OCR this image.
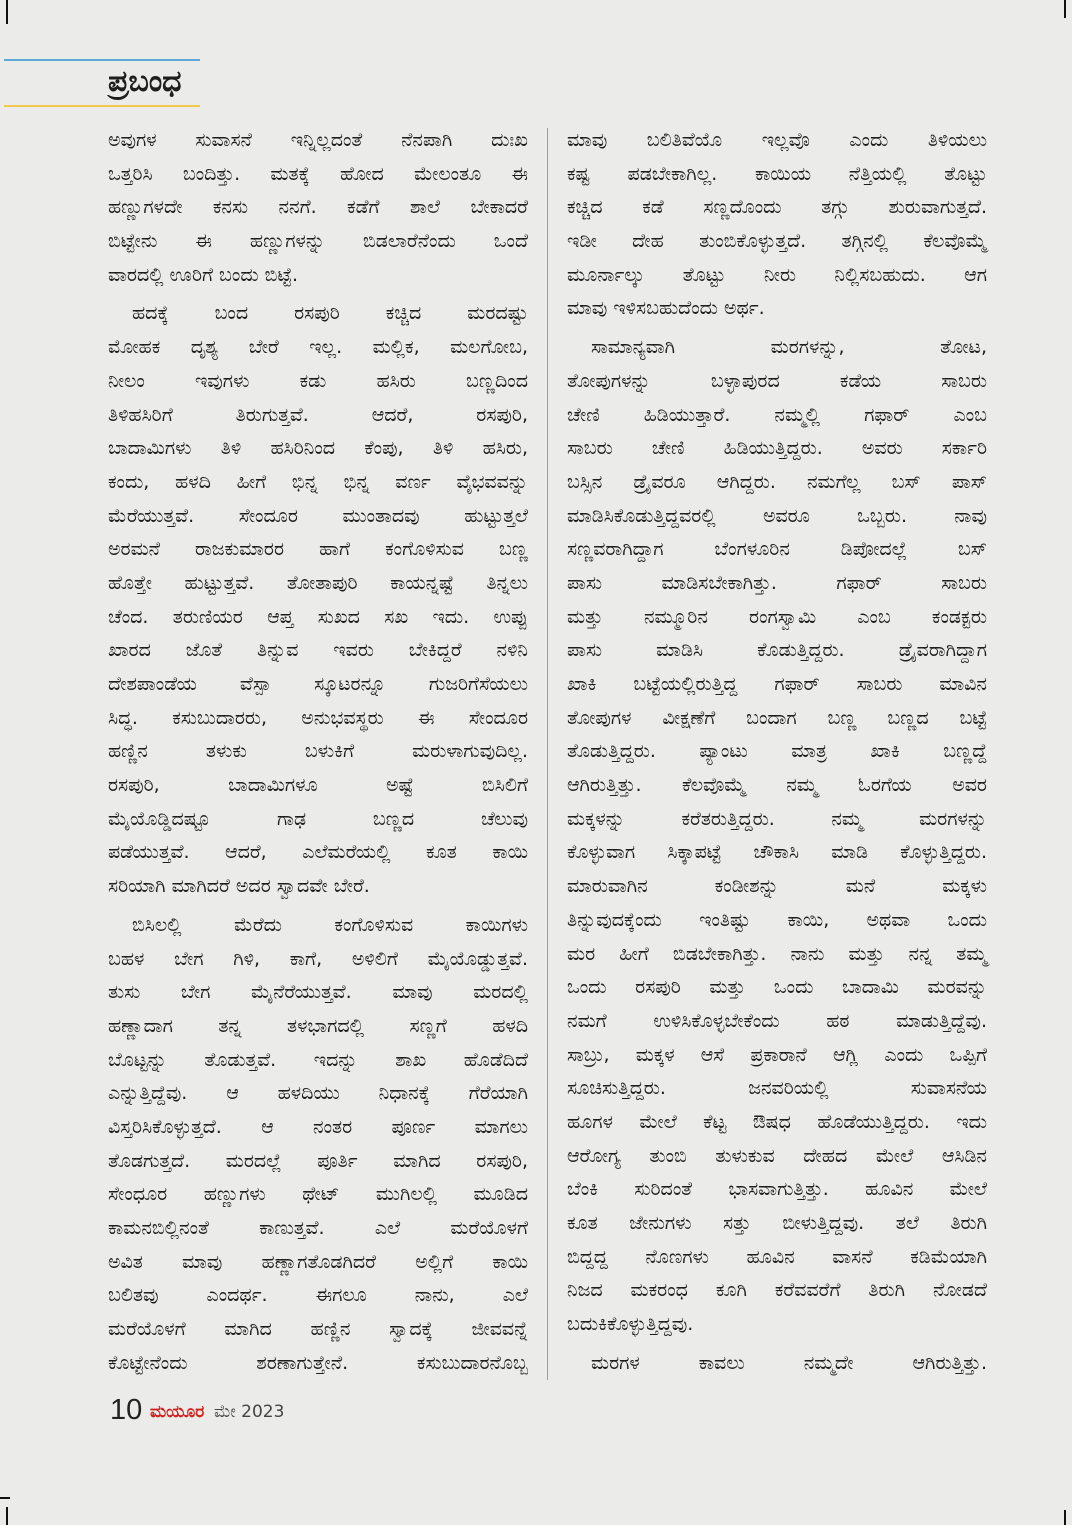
ಪ್ರಬಂಧ
ಅವುಗಳ ಸುವಾಸನೆ ಇನ್ನಿಲ್ಲದಂತೆ ನೆನಪಾಗಿ ದುಃಖ
ಒತ್ತರಿಸಿ ಬಂದಿತ್ತು. ಮತಕ್ಕೆ ಹೋದ ಮೇಲಂತೂ ಈ
ಹಣ್ಣುಗಳದೇ ಕನಸು ನನಗೆ. ಕಡೆಗೆ ಶಾಲೆ ಬೇಕಾದರೆ
ಬಿಟ್ಟೇನು ಈ ಹಣ್ಣುಗಳನ್ನು ಬಿಡಲಾರೆನೆಂದು ಒಂದೆ
ವಾರದಲ್ಲಿ ಊರಿಗೆ ಬಂದು ಬಿಟ್ಟೆ.
ಹದಕ್ಕೆ ಬಂದ ರಸಪುರಿ ಕಚ್ಚಿದ ಮರದಷ್ಟು
ಮೋಹಕ ದೃಶ್ಯ ಬೇರೆ ಇಲ್ಲ. ಮಲ್ಲಿಕ, ಮಲಗೋಬ,
ನೀಲಂ ಇವುಗಳು ಕಡು ಹಸಿರು ಬಣ್ಣದಿಂದ
ತಿಳಿಹಸಿರಿಗೆ ತಿರುಗುತ್ತವೆ. ಆದರೆ, ರಸಪುರಿ,
ಬಾದಾಮಿಗಳು ತಿಳಿ ಹಸಿರಿನಿಂದ ಕೆಂಪು, ತಿಳಿ ಹಸಿರು,
ಕಂದು, ಹಳದಿ ಹೀಗೆ ಭಿನ್ನ ಭಿನ್ನ ವರ್ಣ ವೈಭವವನ್ನು
ಮೆರೆಯುತ್ತವೆ. ಸೇಂದೂರ ಮುಂತಾದವು ಹುಟ್ಟುತ್ತಲೆ
ಅರಮನೆ ರಾಜಕುಮಾರರ ಹಾಗೆ ಕಂಗೊಳಿಸುವ ಬಣ್ಣ
ಹೊತ್ತೇ ಹುಟ್ಟುತ್ತವೆ. ತೋತಾಪುರಿ ಕಾಯನ್ನಷ್ಟೆ ತಿನ್ನಲು
ಚೆಂದ. ತರುಣಿಯರ ಆಪ್ತ ಸುಖದ ಸಖ ಇದು. ಉಪ್ಪು
ಖಾರದ ಜೊತೆ ತಿನ್ನುವ ಇವರು ಬೇಕಿದ್ದರೆ ನಳಿನಿ
ದೇಶಪಾಂಡೆಯ ವೆಸ್ಪಾ ಸ್ಕೂಟರನ್ನೂ ಗುಜರಿಗೆಸೆಯಲು
ಸಿದ್ಧ. ಕಸುಬುದಾರರು, ಅನುಭವಸ್ಥರು ಈ ಸೇಂದೂರ
ಹಣ್ಣಿನ ತಳುಕು ಬಳುಕಿಗೆ ಮರುಳಾಗುವುದಿಲ್ಲ.
ರಸಪುರಿ, ಬಾದಾಮಿಗಳೂ ಅಷ್ಟೆ ಬಿಸಿಲಿಗೆ
ಮೈಯೊಡ್ಡಿದಷ್ಟೂ ಗಾಢ ಬಣ್ಣದ ಚೆಲುವು
ಪಡೆಯುತ್ತವೆ. ಆದರೆ, ಎಲೆಮರೆಯಲ್ಲಿ ಕೂತ ಕಾಯಿ
ಸರಿಯಾಗಿ ಮಾಗಿದರೆ ಅದರ ಸ್ವಾದವೇ ಬೇರೆ.
ಬಿಸಿಲಲ್ಲಿ ಮೆರೆದು ಕಂಗೊಳಿಸುವ ಕಾಯಿಗಳು
ಬಹಳ ಬೇಗ ಗಿಳಿ, ಕಾಗೆ, ಅಳಿಲಿಗೆ ಮೈಯೊಡ್ಡುತ್ತವೆ.
ತುಸು ಬೇಗ ಮೈನೆರೆಯುತ್ತವೆ. ಮಾವು ಮರದಲ್ಲಿ
ಹಣ್ಣಾದಾಗ ತನ್ನ ತಳಭಾಗದಲ್ಲಿ ಸಣ್ಣಗೆ ಹಳದಿ
ಬೊಟ್ಟನ್ನು ತೊಡುತ್ತವೆ. ಇದನ್ನು ಶಾಖ ಹೊಡೆದಿದೆ
ಎನ್ನುತ್ತಿದ್ದೆವು. ಆ ಹಳದಿಯು ನಿಧಾನಕ್ಕೆ ಗೆರೆಯಾಗಿ
ವಿಸ್ತರಿಸಿಕೊಳ್ಳುತ್ತದೆ. ಆ ನಂತರ ಪೂರ್ಣ ಮಾಗಲು
ತೊಡಗುತ್ತದೆ. ಮರದಲ್ಲೆ ಪೂರ್ತಿ ಮಾಗಿದ ರಸಪುರಿ,
ಸೇಂಧೂರ ಹಣ್ಣುಗಳು ಥೇಟ್ ಮುಗಿಲಲ್ಲಿ ಮೂಡಿದ
ಕಾಮನಬಿಲ್ಲಿನಂತೆ ಕಾಣುತ್ತವೆ. ಎಲೆ ಮರೆಯೊಳಗೆ
ಅವಿತ ಮಾವು ಹಣ್ಣಾಗತೊಡಗಿದರೆ ಅಲ್ಲಿಗೆ ಕಾಯಿ
ಬಲಿತವು ಎಂದರ್ಥ. ಈಗಲೂ ನಾನು, ಎಲೆ
ಮರೆಯೊಳಗೆ ಮಾಗಿದ ಹಣ್ಣಿನ ಸ್ವಾದಕ್ಕೆ ಜೀವವನ್ನೆ
ಕೊಟ್ಟೇನೆಂದು ಶರಣಾಗುತ್ತೇನೆ. ಕಸುಬುದಾರನೊಬ್ಬ
ಮಾವು ಬಲಿತಿವೆಯೊ ಇಲ್ಲವೊ ಎಂದು ತಿಳಿಯಲು
ಕಷ್ಟ ಪಡಬೇಕಾಗಿಲ್ಲ. ಕಾಯಿಯ ನೆತ್ತಿಯಲ್ಲಿ ತೊಟ್ಟು
ಕಚ್ಚಿದ ಕಡೆ ಸಣ್ಣದೊಂದು ತಗ್ಗು ಶುರುವಾಗುತ್ತದೆ.
ಇಡೀ ದೇಹ ತುಂಬಿಕೊಳ್ಳುತ್ತದೆ. ತಗ್ಗಿನಲ್ಲಿ ಕೆಲವೊಮ್ಮೆ
ಮೂರ್ನಾಲ್ಕು ತೊಟ್ಟು ನೀರು ನಿಲ್ಲಿಸಬಹುದು. ಆಗ
ಮಾವು ಇಳಿಸಬಹುದೆಂದು ಅರ್ಥ.
ಸಾಮಾನ್ಯವಾಗಿ ಮರಗಳನ್ನು, ತೋಟ,
ತೋಪುಗಳನ್ನು ಬಳ್ಳಾಪುರದ ಕಡೆಯ ಸಾಬರು
ಚೇಣಿ ಹಿಡಿಯುತ್ತಾರೆ. ನಮ್ಮಲ್ಲಿ ಗಫಾರ್ ಎಂಬ
ಸಾಬರು ಚೇಣಿ ಹಿಡಿಯುತ್ತಿದ್ದರು. ಅವರು ಸರ್ಕಾರಿ
ಬಸ್ಸಿನ ಡ್ರೈವರೂ ಆಗಿದ್ದರು. ನಮಗೆಲ್ಲ ಬಸ್ ಪಾಸ್
ಮಾಡಿಸಿಕೊಡುತ್ತಿದ್ದವರಲ್ಲಿ ಅವರೂ ಒಬ್ಬರು. ನಾವು
ಸಣ್ಣವರಾಗಿದ್ದಾಗ ಬೆಂಗಳೂರಿನ ಡಿಪೋದಲ್ಲೆ ಬಸ್
ಪಾಸು ಮಾಡಿಸಬೇಕಾಗಿತ್ತು. ಗಫಾರ್ ಸಾಬರು
ಮತ್ತು ನಮ್ಮೂರಿನ ರಂಗಸ್ವಾಮಿ ಎಂಬ ಕಂಡಕ್ಟರು
ಪಾಸು ಮಾಡಿಸಿ ಕೊಡುತ್ತಿದ್ದರು. ಡ್ರೈವರಾಗಿದ್ದಾಗ
ಖಾಕಿ ಬಟ್ಟೆಯಲ್ಲಿರುತ್ತಿದ್ದ ಗಫಾರ್ ಸಾಬರು ಮಾವಿನ
ತೋಪುಗಳ ವೀಕ್ಷಣೆಗೆ ಬಂದಾಗ ಬಣ್ಣ ಬಣ್ಣದ ಬಟ್ಟೆ
ತೊಡುತ್ತಿದ್ದರು. ಪ್ಯಾಂಟು ಮಾತ್ರ ಖಾಕಿ ಬಣ್ಣದ್ದೆ
ಆಗಿರುತ್ತಿತ್ತು. ಕೆಲವೊಮ್ಮೆ ನಮ್ಮ ಓರಗೆಯ ಅವರ
ಮಕ್ಕಳನ್ನು ಕರೆತರುತ್ತಿದ್ದರು. ನಮ್ಮ ಮರಗಳನ್ನು
ಕೊಳ್ಳುವಾಗ ಸಿಕ್ಕಾಪಟ್ಟೆ ಚೌಕಾಸಿ ಮಾಡಿ ಕೊಳ್ಳುತ್ತಿದ್ದರು.
ಮಾರುವಾಗಿನ ಕಂಡೀಶನ್ನು ಮನೆ ಮಕ್ಕಳು
ತಿನ್ನುವುದಕ್ಕೆಂದು ಇಂತಿಷ್ಟು ಕಾಯಿ, ಅಥವಾ ಒಂದು
ಮರ ಹೀಗೆ ಬಿಡಬೇಕಾಗಿತ್ತು. ನಾನು ಮತ್ತು ನನ್ನ ತಮ್ಮ
ಒಂದು ರಸಪುರಿ ಮತ್ತು ಒಂದು ಬಾದಾಮಿ ಮರವನ್ನು
ನಮಗೆ ಉಳಿಸಿಕೊಳ್ಳಬೇಕೆಂದು ಹಠ ಮಾಡುತ್ತಿದ್ದೆವು.
ಸಾಬ್ರು, ಮಕ್ಕಳ ಆಸೆ ಪ್ರಕಾರಾನೆ ಆಗ್ಲಿ ಎಂದು ಒಪ್ಪಿಗೆ
ಸೂಚಿಸುತ್ತಿದ್ದರು. ಜನವರಿಯಲ್ಲಿ ಸುವಾಸನೆಯ
ಹೂಗಳ ಮೇಲೆ ಕೆಟ್ಟ ಔಷಧ ಹೊಡೆಯುತ್ತಿದ್ದರು. ಇದು
ಆರೋಗ್ಯ ತುಂಬಿ ತುಳುಕುವ ದೇಹದ ಮೇಲೆ ಆಸಿಡಿನ
ಬೆಂಕಿ ಸುರಿದಂತೆ ಭಾಸವಾಗುತ್ತಿತ್ತು. ಹೂವಿನ ಮೇಲೆ
ಕೂತ ಜೇನುಗಳು ಸತ್ತು ಬೀಳುತ್ತಿದ್ದವು. ತಲೆ ತಿರುಗಿ
ಬಿದ್ದದ್ದ ನೊಣಗಳು ಹೂವಿನ ವಾಸನೆ ಕಡಿಮೆಯಾಗಿ
ನಿಜದ ಮಕರಂಧ ಕೂಗಿ ಕರೆವವರೆಗೆ ತಿರುಗಿ ನೋಡದೆ
ಬದುಕಿಕೊಳ್ಳುತ್ತಿದ್ದವು.
ಮರಗಳ ಕಾವಲು ನಮ್ಮದೇ ಆಗಿರುತ್ತಿತ್ತು.
10 ಮಯೂರ ಮೇ 2023
